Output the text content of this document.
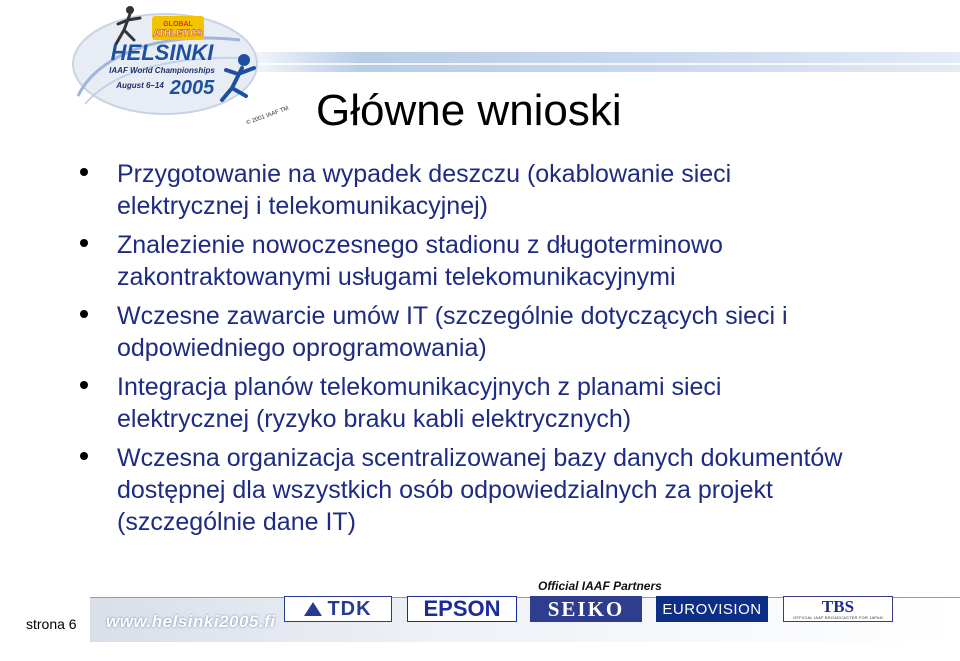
GLOBAL
ATHLETICS
HELSINKI
IAAF World Championships
August 6–14 2005
© 2001 IAAF TM Główne wnioski
Przygotowanie na wypadek deszczu (okablowanie sieci elektrycznej i telekomunikacyjnej)
Znalezienie nowoczesnego stadionu z długoterminowo zakontraktowanymi usługami telekomunikacyjnymi
Wczesne zawarcie umów IT (szczególnie dotyczących sieci i odpowiedniego oprogramowania)
Integracja planów telekomunikacyjnych z planami sieci elektrycznej (ryzyko braku kabli elektrycznych)
Wczesna organizacja scentralizowanej bazy danych dokumentów dostępnej dla wszystkich osób odpowiedzialnych za projekt (szczególnie dane IT)
strona 6 www.helsinki2005.fi
Official IAAF Partners
TDK EPSON SEIKO	EUROVISION	TBS
OFFICIAL IAAF BROADCASTER FOR JAPAN
